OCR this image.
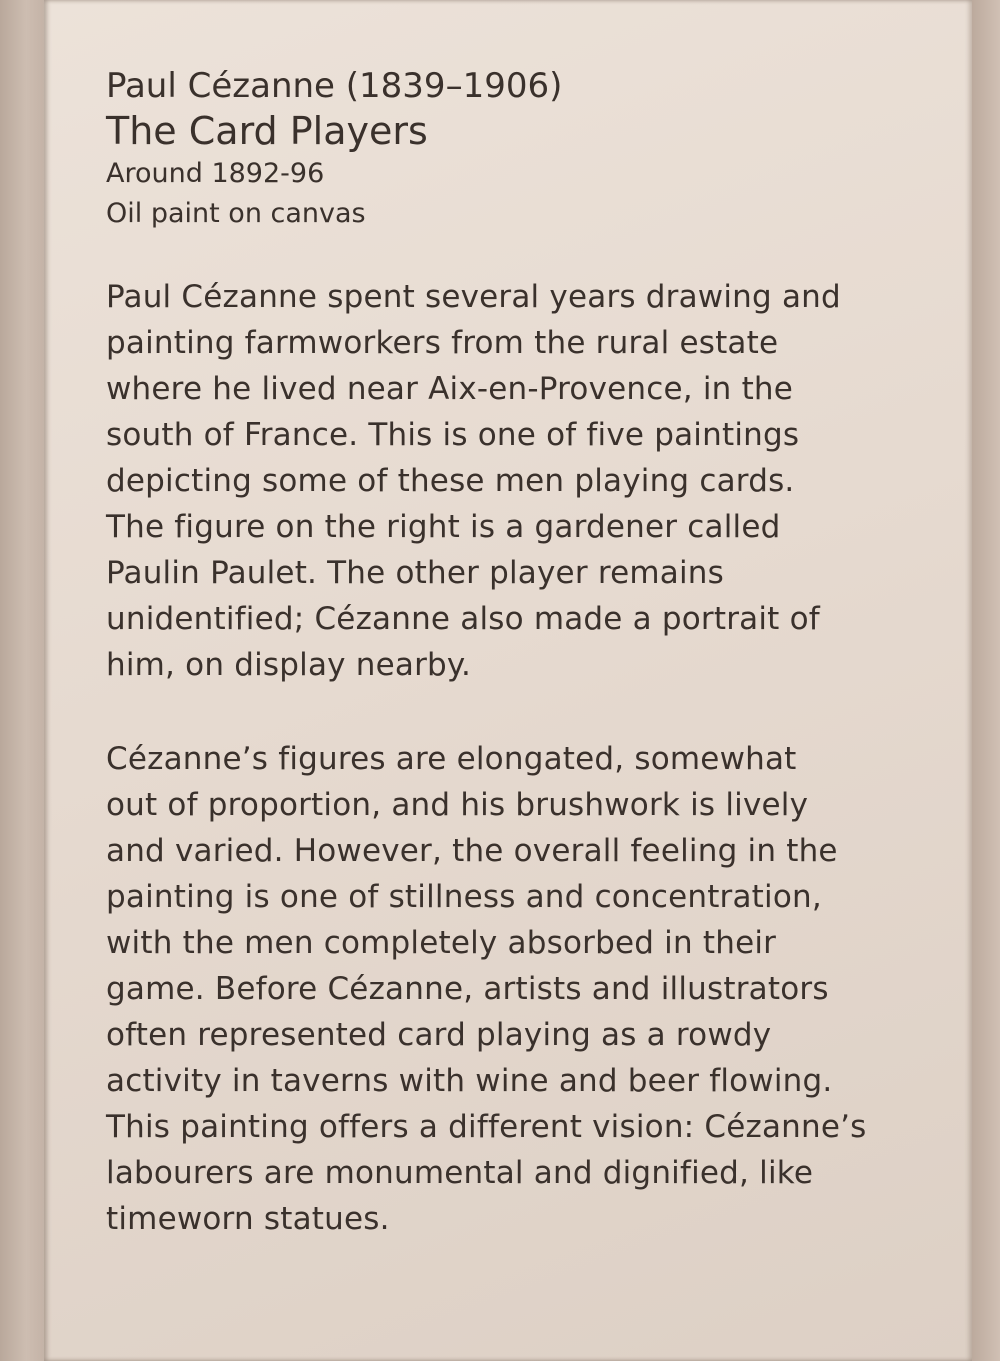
Paul Cézanne (1839–1906)
The Card Players

Around 1892-96

Oil paint on canvas

Paul Cézanne spent several years drawing and
painting farmworkers from the rural estate
where he lived near Aix-en-Provence, in the
south of France. This is one of five paintings
depicting some of these men playing cards.
The figure on the right is a gardener called
Paulin Paulet. The other player remains
unidentified; Cézanne also made a portrait of
him, on display nearby.

Cézanne’s figures are elongated, somewhat
out of proportion, and his brushwork is lively
and varied. However, the overall feeling in the
painting is one of stillness and concentration,
with the men completely absorbed in their
game. Before Cézanne, artists and illustrators
often represented card playing as a rowdy
activity in taverns with wine and beer flowing.
This painting offers a different vision: Cézanne’s
labourers are monumental and dignified, like
timeworn statues.
